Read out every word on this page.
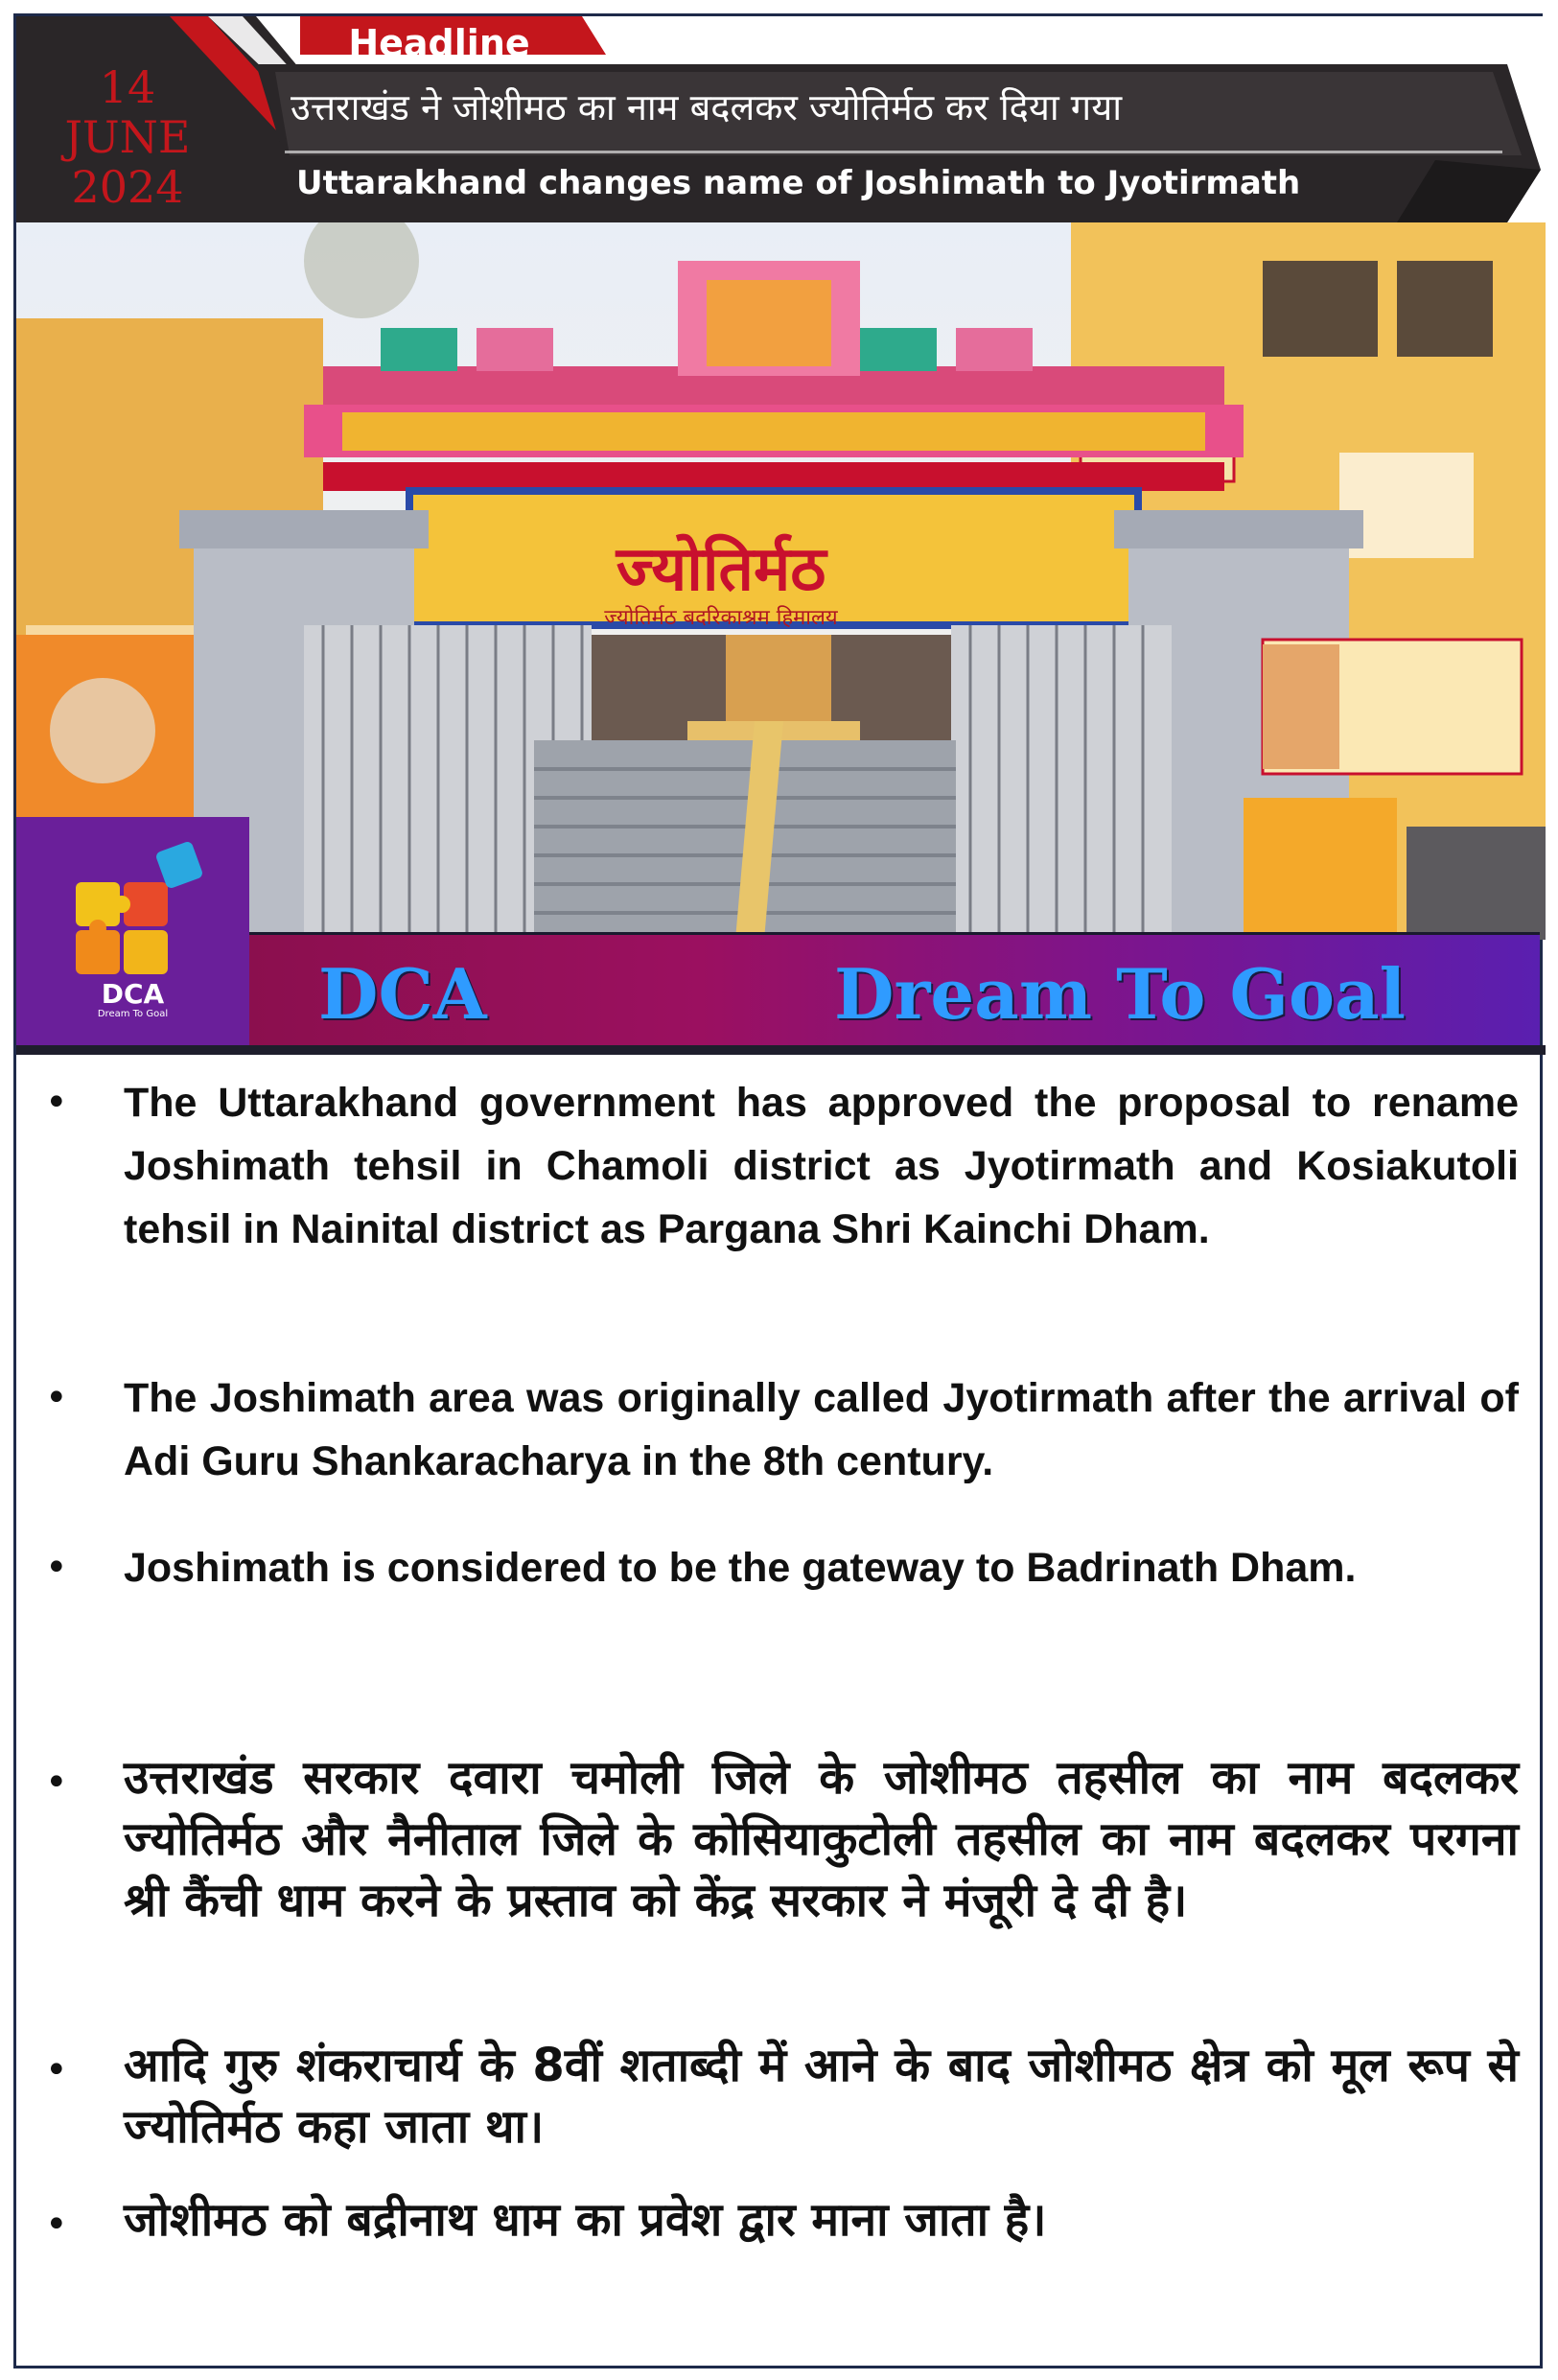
14
JUNE
2024
Headline
उत्तराखंड ने जोशीमठ का नाम बदलकर ज्योतिर्मठ कर दिया गया
Uttarakhand changes name of Joshimath to Jyotirmath
ज्योतिर्मठ
ज्योतिर्मठ बदरिकाश्रम हिमालय
DCA
Dream To Goal	DCA	Dream To Goal
• The Uttarakhand government has approved the proposal to rename Joshimath tehsil in Chamoli district as Jyotirmath and Kosiakutoli tehsil in Nainital district as Pargana Shri Kainchi Dham.
• The Joshimath area was originally called Jyotirmath after the arrival of Adi Guru Shankaracharya in the 8th century.
• Joshimath is considered to be the gateway to Badrinath Dham.
• उत्तराखंड सरकार दवारा चमोली जिले के जोशीमठ तहसील का नाम बदलकर ज्योतिर्मठ और नैनीताल जिले के कोसियाकुटोली तहसील का नाम बदलकर परगना श्री कैंची धाम करने के प्रस्ताव को केंद्र सरकार ने मंजूरी दे दी है।
• आदि गुरु शंकराचार्य के 8वीं शताब्दी में आने के बाद जोशीमठ क्षेत्र को मूल रूप से ज्योतिर्मठ कहा जाता था।
• जोशीमठ को बद्रीनाथ धाम का प्रवेश द्वार माना जाता है।
